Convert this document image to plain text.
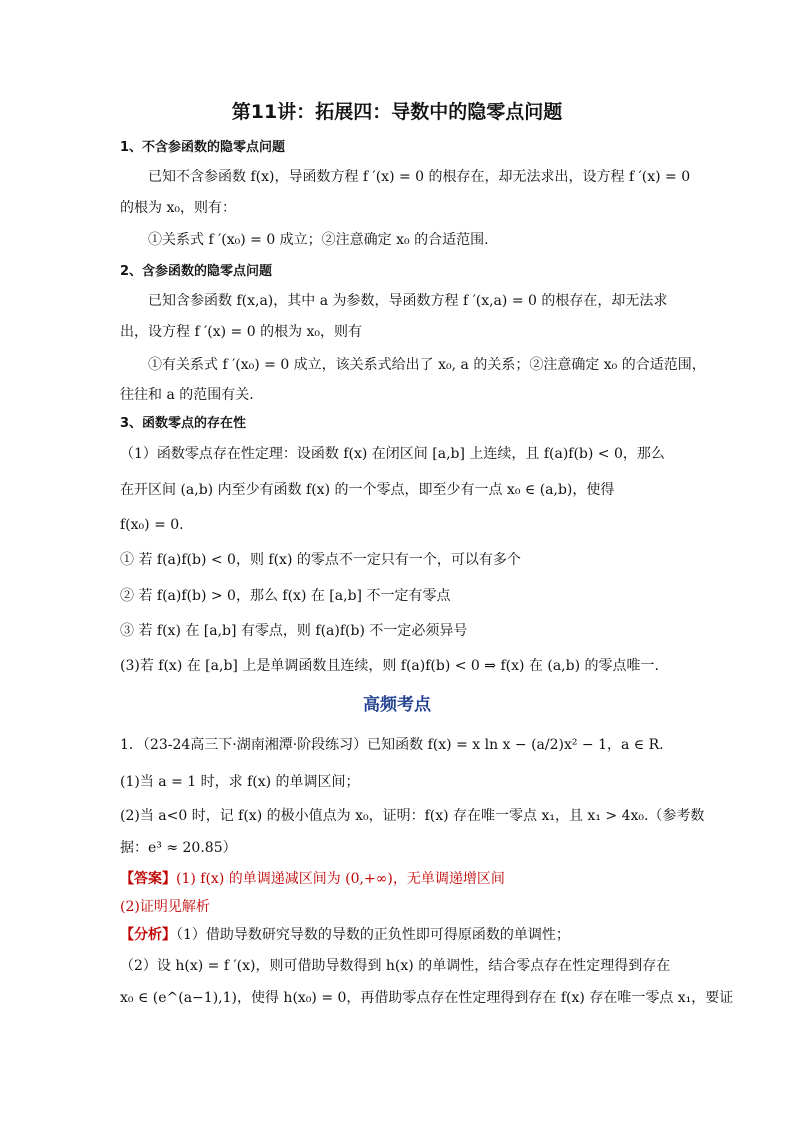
第11讲：拓展四：导数中的隐零点问题
1、不含参函数的隐零点问题
已知不含参函数 f(x)，导函数方程 f ′(x) = 0 的根存在，却无法求出，设方程 f ′(x) = 0
的根为 x₀，则有：
①关系式 f ′(x₀) = 0 成立；②注意确定 x₀ 的合适范围.
2、含参函数的隐零点问题
已知含参函数 f(x,a)，其中 a 为参数，导函数方程 f ′(x,a) = 0 的根存在，却无法求
出，设方程 f ′(x) = 0 的根为 x₀，则有
①有关系式 f ′(x₀) = 0 成立，该关系式给出了 x₀, a 的关系；②注意确定 x₀ 的合适范围，
往往和 a 的范围有关.
3、函数零点的存在性
（1）函数零点存在性定理：设函数 f(x) 在闭区间 [a,b] 上连续，且 f(a)f(b) < 0，那么
在开区间 (a,b) 内至少有函数 f(x) 的一个零点，即至少有一点 x₀ ∈ (a,b)，使得
f(x₀) = 0.
① 若 f(a)f(b) < 0，则 f(x) 的零点不一定只有一个，可以有多个
② 若 f(a)f(b) > 0，那么 f(x) 在 [a,b] 不一定有零点
③ 若 f(x) 在 [a,b] 有零点，则 f(a)f(b) 不一定必须异号
(3)若 f(x) 在 [a,b] 上是单调函数且连续，则 f(a)f(b) < 0 ⇒ f(x) 在 (a,b) 的零点唯一.
高频考点
1．（23-24高三下·湖南湘潭·阶段练习）已知函数 f(x) = x ln x − (a/2)x² − 1，a ∈ R.
(1)当 a = 1 时，求 f(x) 的单调区间；
(2)当 a<0 时，记 f(x) 的极小值点为 x₀，证明：f(x) 存在唯一零点 x₁，且 x₁ > 4x₀.（参考数
据：e³ ≈ 20.85）
【答案】(1) f(x) 的单调递减区间为 (0,+∞)，无单调递增区间
(2)证明见解析
【分析】（1）借助导数研究导数的导数的正负性即可得原函数的单调性；
（2）设 h(x) = f ′(x)，则可借助导数得到 h(x) 的单调性，结合零点存在性定理得到存在
x₀ ∈ (e^(a−1),1)，使得 h(x₀) = 0，再借助零点存在性定理得到存在 f(x) 存在唯一零点 x₁，要证
